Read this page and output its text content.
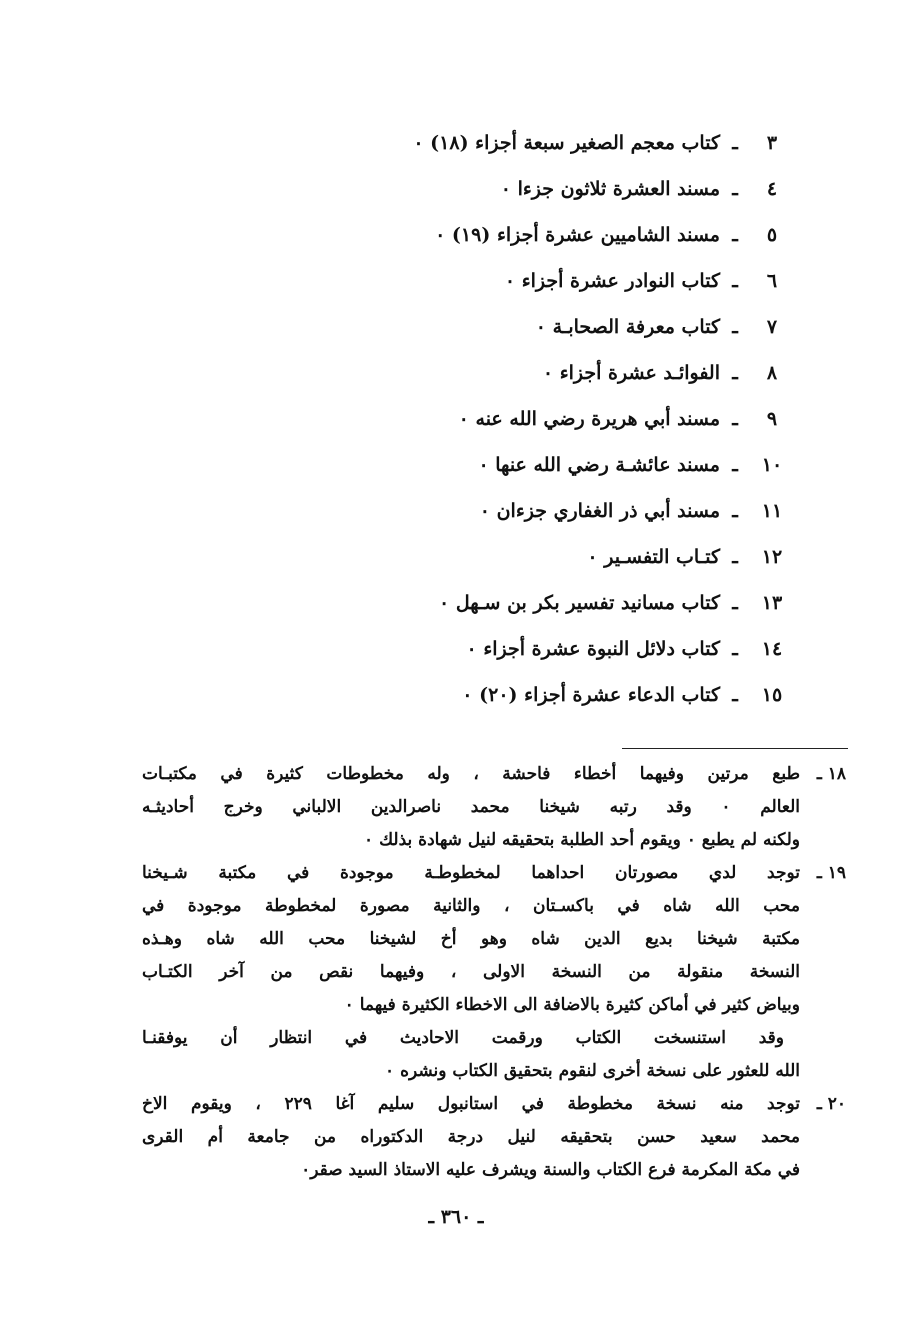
٣
ـ
كتاب معجم الصغير سبعة أجزاء (١٨) ٠
٤
ـ
مسند العشرة ثلاثون جزءا ٠
٥
ـ
مسند الشاميين عشرة أجزاء (١٩) ٠
٦
ـ
كتاب النوادر عشرة أجزاء ٠
٧
ـ
كتاب معرفة الصحابـة ٠
٨
ـ
الفوائـد عشرة أجزاء ٠
٩
ـ
مسند أبي هريرة رضي الله عنه ٠
١٠
ـ
مسند عائشـة رضي الله عنها ٠
١١
ـ
مسند أبي ذر الغفاري جزءان ٠
١٢
ـ
كتـاب التفسـير ٠
١٣
ـ
كتاب مسانيد تفسير بكر بن سـهل ٠
١٤
ـ
كتاب دلائل النبوة عشرة أجزاء ٠
١٥
ـ
كتاب الدعاء عشرة أجزاء (٢٠) ٠
١٨ ـ
طبع مرتين وفيهما أخطاء فاحشة ، وله مخطوطات كثيرة في مكتبـات
العالم ٠ وقد رتبه شيخنا محمد ناصرالدين الالباني وخرج أحاديثـه
ولكنه لم يطبع ٠ ويقوم أحد الطلبة بتحقيقه لنيل شهادة بذلك ٠
١٩ ـ
توجد لدي مصورتان احداهما لمخطوطـة موجودة في مكتبة شـيخنا
محب الله شاه في باكسـتان ، والثانية مصورة لمخطوطة موجودة في
مكتبة شيخنا بديع الدين شاه وهو أخ لشيخنا محب الله شاه وهـذه
النسخة منقولة من النسخة الاولى ، وفيهما نقص من آخر الكتـاب
وبياض كثير في أماكن كثيرة بالاضافة الى الاخطاء الكثيرة فيهما ٠
وقد استنسخت الكتاب ورقمت الاحاديث في انتظار أن يوفقنـا
الله للعثور على نسخة أخرى لنقوم بتحقيق الكتاب ونشره ٠
٢٠ ـ
توجد منه نسخة مخطوطة في استانبول سليم آغا ٢٢٩ ، ويقوم الاخ
محمد سعيد حسن بتحقيقه لنيل درجة الدكتوراه من جامعة أم القرى
في مكة المكرمة فرع الكتاب والسنة ويشرف عليه الاستاذ السيد صقر٠
ـ ٣٦٠ ـ
